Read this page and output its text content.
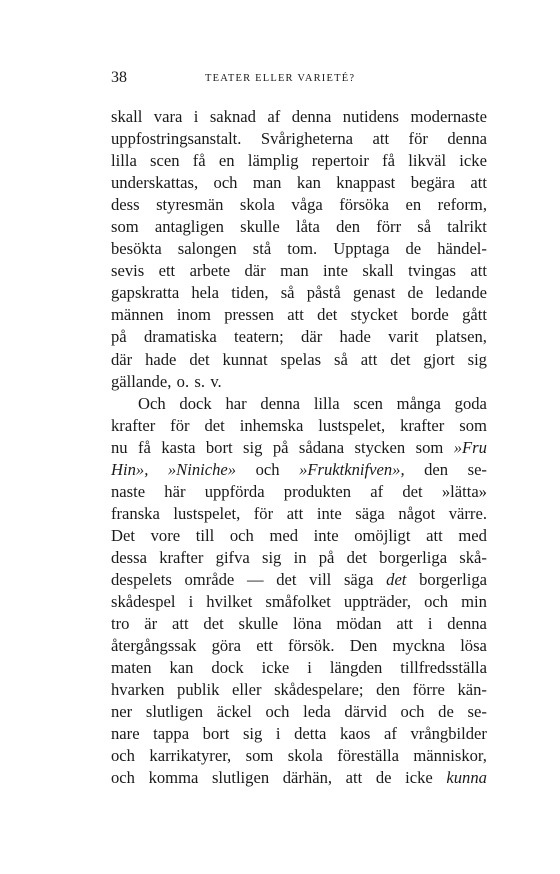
38	TEATER ELLER VARIETÉ?
skall vara i saknad af denna nutidens modernaste
uppfostringsanstalt. Svårigheterna att för denna
lilla scen få en lämplig repertoir få likväl icke
underskattas, och man kan knappast begära att
dess styresmän skola våga försöka en reform,
som antagligen skulle låta den förr så talrikt
besökta salongen stå tom. Upptaga de händel-
sevis ett arbete där man inte skall tvingas att
gapskratta hela tiden, så påstå genast de ledande
männen inom pressen att det stycket borde gått
på dramatiska teatern; där hade varit platsen,
där hade det kunnat spelas så att det gjort sig
gällande, o. s. v.
Och dock har denna lilla scen många goda
krafter för det inhemska lustspelet, krafter som
nu få kasta bort sig på sådana stycken som »Fru
Hin», »Niniche» och »Fruktknifven», den se-
naste här uppförda produkten af det »lätta»
franska lustspelet, för att inte säga något värre.
Det vore till och med inte omöjligt att med
dessa krafter gifva sig in på det borgerliga skå-
despelets område — det vill säga det borgerliga
skådespel i hvilket småfolket uppträder, och min
tro är att det skulle löna mödan att i denna
återgångssak göra ett försök. Den myckna lösa
maten kan dock icke i längden tillfredsställa
hvarken publik eller skådespelare; den förre kän-
ner slutligen äckel och leda därvid och de se-
nare tappa bort sig i detta kaos af vrångbilder
och karrikatyrer, som skola föreställa människor,
och komma slutligen därhän, att de icke kunna
